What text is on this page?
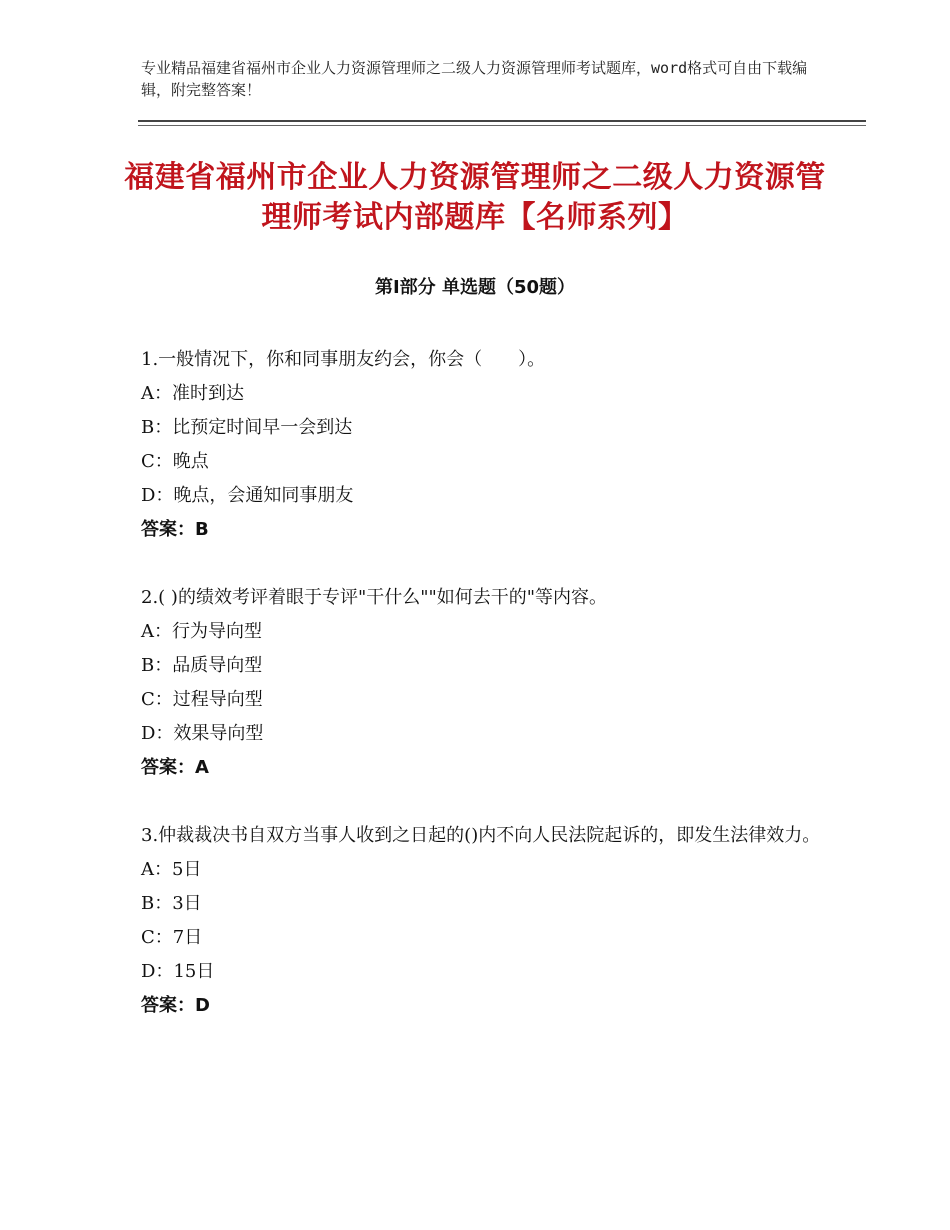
专业精品福建省福州市企业人力资源管理师之二级人力资源管理师考试题库，word格式可自由下载编辑，附完整答案！
福建省福州市企业人力资源管理师之二级人力资源管理师考试内部题库【名师系列】
第Ⅰ部分 单选题（50题）

1.一般情况下，你和同事朋友约会，你会（　　）。

A： 准时到达

B： 比预定时间早一会到达

C： 晚点

D： 晚点，会通知同事朋友

答案：B

2.( )的绩效考评着眼于专评"干什么""如何去干的"等内容。

A： 行为导向型

B： 品质导向型

C： 过程导向型

D： 效果导向型

答案：A

3.仲裁裁决书自双方当事人收到之日起的()内不向人民法院起诉的，即发生法律效力。

A： 5日

B： 3日

C： 7日

D： 15日

答案：D
